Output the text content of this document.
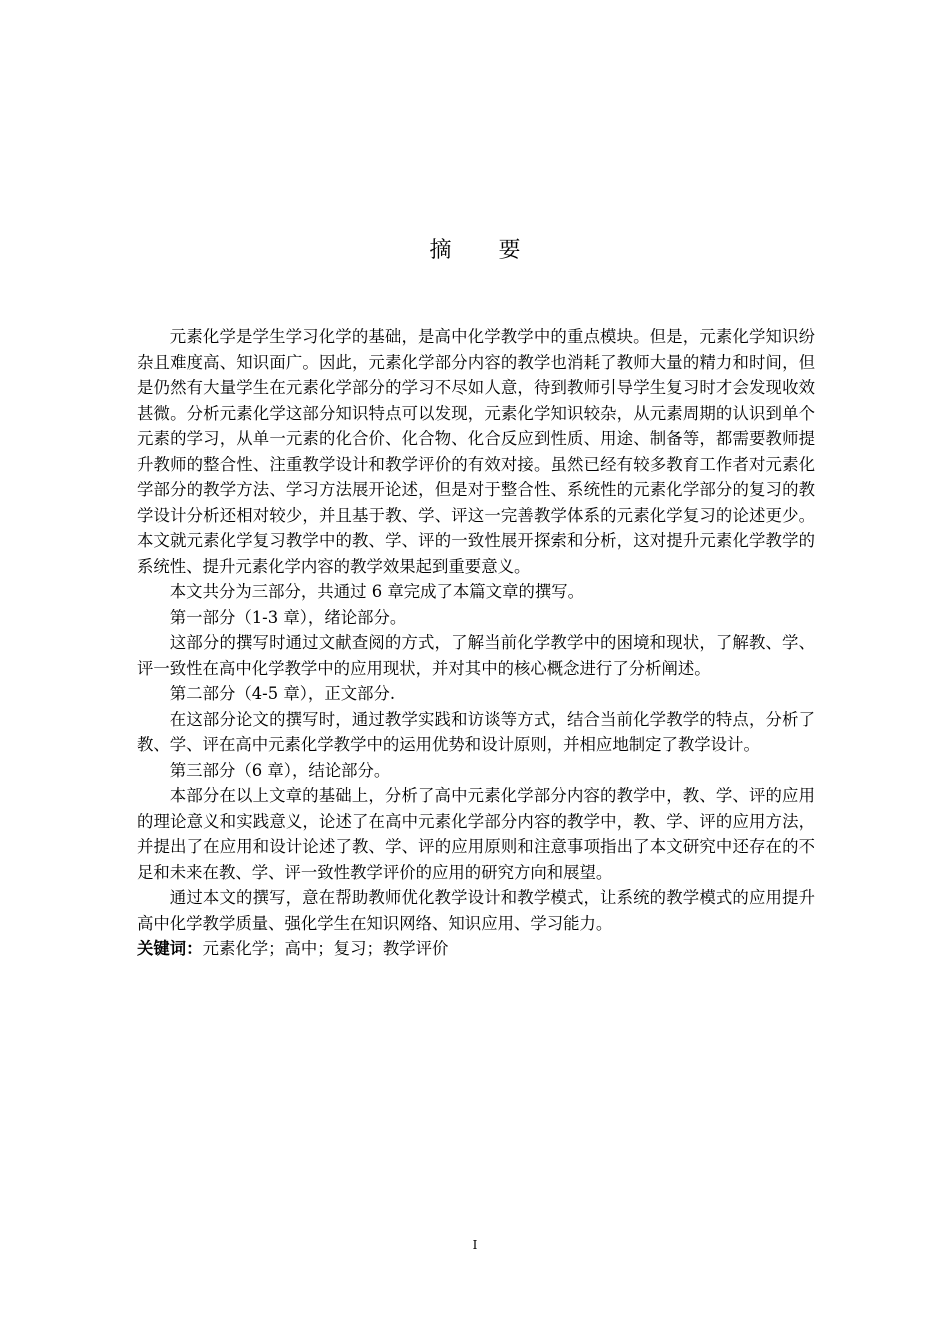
摘 要

元素化学是学生学习化学的基础，是高中化学教学中的重点模块。但是，元素化学知识纷杂且难度高、知识面广。因此，元素化学部分内容的教学也消耗了教师大量的精力和时间，但是仍然有大量学生在元素化学部分的学习不尽如人意，待到教师引导学生复习时才会发现收效甚微。分析元素化学这部分知识特点可以发现，元素化学知识较杂，从元素周期的认识到单个元素的学习，从单一元素的化合价、化合物、化合反应到性质、用途、制备等，都需要教师提升教师的整合性、注重教学设计和教学评价的有效对接。虽然已经有较多教育工作者对元素化学部分的教学方法、学习方法展开论述，但是对于整合性、系统性的元素化学部分的复习的教学设计分析还相对较少，并且基于教、学、评这一完善教学体系的元素化学复习的论述更少。本文就元素化学复习教学中的教、学、评的一致性展开探索和分析，这对提升元素化学教学的系统性、提升元素化学内容的教学效果起到重要意义。

本文共分为三部分，共通过 6 章完成了本篇文章的撰写。

第一部分（1-3 章），绪论部分。

这部分的撰写时通过文献查阅的方式，了解当前化学教学中的困境和现状，了解教、学、评一致性在高中化学教学中的应用现状，并对其中的核心概念进行了分析阐述。

第二部分（4-5 章），正文部分.

在这部分论文的撰写时，通过教学实践和访谈等方式，结合当前化学教学的特点，分析了教、学、评在高中元素化学教学中的运用优势和设计原则，并相应地制定了教学设计。

第三部分（6 章），结论部分。

本部分在以上文章的基础上，分析了高中元素化学部分内容的教学中，教、学、评的应用的理论意义和实践意义，论述了在高中元素化学部分内容的教学中，教、学、评的应用方法，并提出了在应用和设计论述了教、学、评的应用原则和注意事项指出了本文研究中还存在的不足和未来在教、学、评一致性教学评价的应用的研究方向和展望。

通过本文的撰写，意在帮助教师优化教学设计和教学模式，让系统的教学模式的应用提升高中化学教学质量、强化学生在知识网络、知识应用、学习能力。

关键词：元素化学；高中；复习；教学评价

I
